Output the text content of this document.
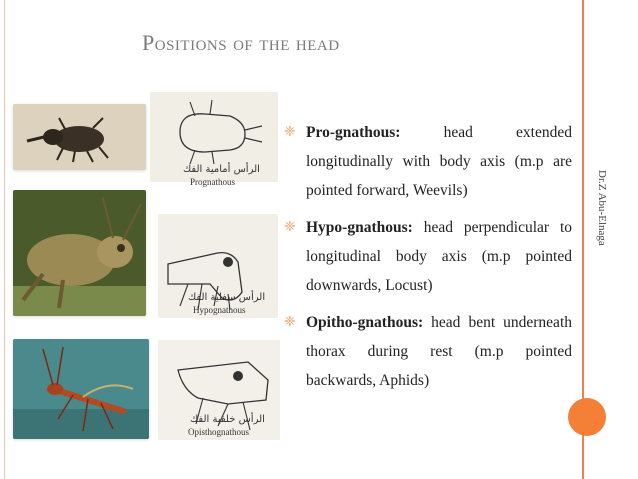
Positions of the head
Dr.Z Abu-Elnaga
الرأس أمامية الفك
Prognathous
الرأس سفلية الفك
Hypognathous
الرأس خلفية الفك
Opisthognathous
❈ Pro-gnathous:	head extended longitudinally with body axis (m.p are pointed forward, Weevils)

❈ Hypo-gnathous: head perpendicular to longitudinal body axis (m.p pointed downwards, Locust)

❈ Opitho-gnathous: head bent underneath thorax during rest (m.p pointed backwards, Aphids)
